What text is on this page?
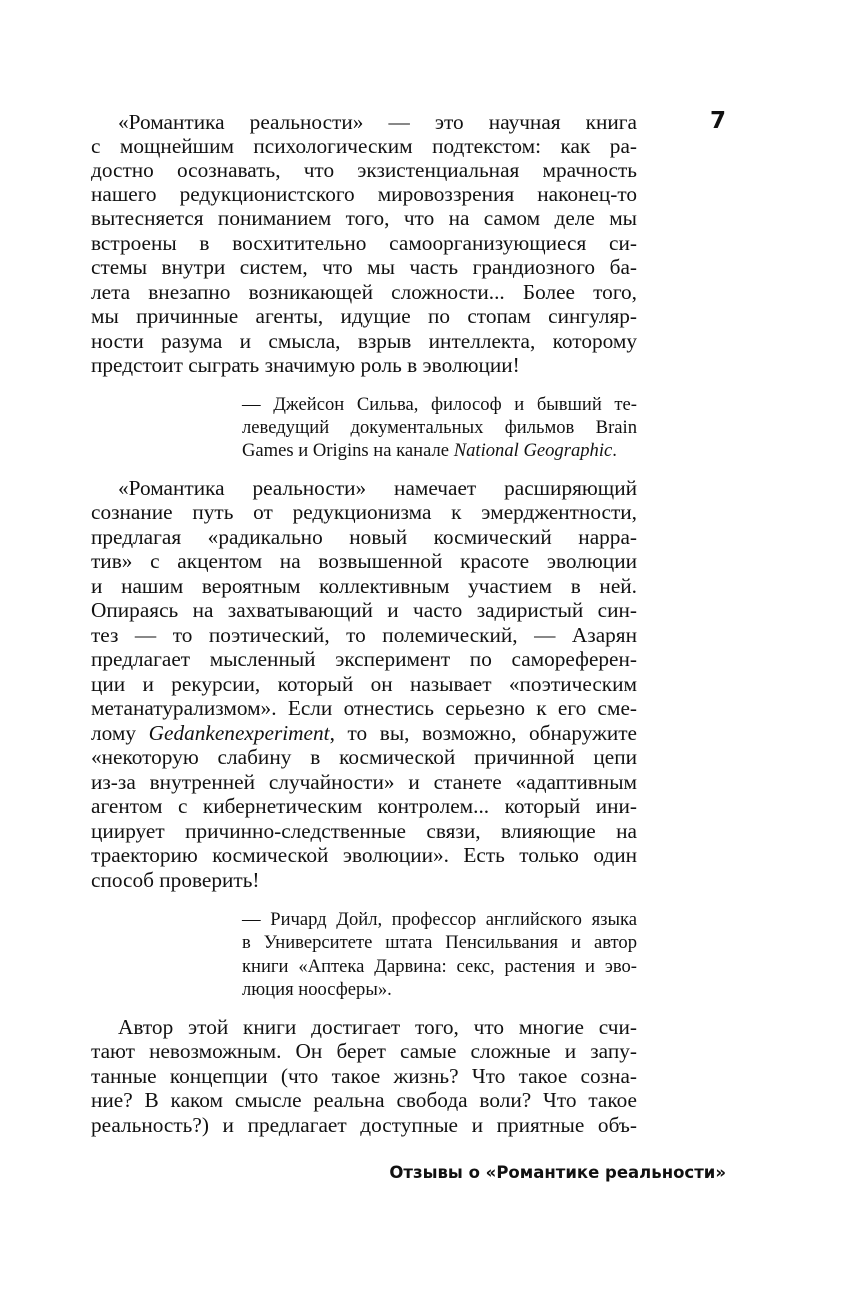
7
«Романтика реальности» — это научная книга
с мощнейшим психологическим подтекстом: как ра-
достно осознавать, что экзистенциальная мрачность
нашего редукционистского мировоззрения наконец-то
вытесняется пониманием того, что на самом деле мы
встроены в восхитительно самоорганизующиеся си-
стемы внутри систем, что мы часть грандиозного ба-
лета внезапно возникающей сложности... Более того,
мы причинные агенты, идущие по стопам сингуляр-
ности разума и смысла, взрыв интеллекта, которому
предстоит сыграть значимую роль в эволюции!
— Джейсон Сильва, философ и бывший те-
леведущий документальных фильмов Brain
Games и Origins на канале National Geographic.
«Романтика реальности» намечает расширяющий
сознание путь от редукционизма к эмерджентности,
предлагая «радикально новый космический нарра-
тив» с акцентом на возвышенной красоте эволюции
и нашим вероятным коллективным участием в ней.
Опираясь на захватывающий и часто задиристый син-
тез — то поэтический, то полемический, — Азарян
предлагает мысленный эксперимент по самореферен-
ции и рекурсии, который он называет «поэтическим
метанатурализмом». Если отнестись серьезно к его сме-
лому Gedankenexperiment, то вы, возможно, обнаружите
«некоторую слабину в космической причинной цепи
из-за внутренней случайности» и станете «адаптивным
агентом с кибернетическим контролем... который ини-
циирует причинно-следственные связи, влияющие на
траекторию космической эволюции». Есть только один
способ проверить!
— Ричард Дойл, профессор английского языка
в Университете штата Пенсильвания и автор
книги «Аптека Дарвина: секс, растения и эво-
люция ноосферы».
Автор этой книги достигает того, что многие счи-
тают невозможным. Он берет самые сложные и запу-
танные концепции (что такое жизнь? Что такое созна-
ние? В каком смысле реальна свобода воли? Что такое
реальность?) и предлагает доступные и приятные объ-
Отзывы о «Романтике реальности»
